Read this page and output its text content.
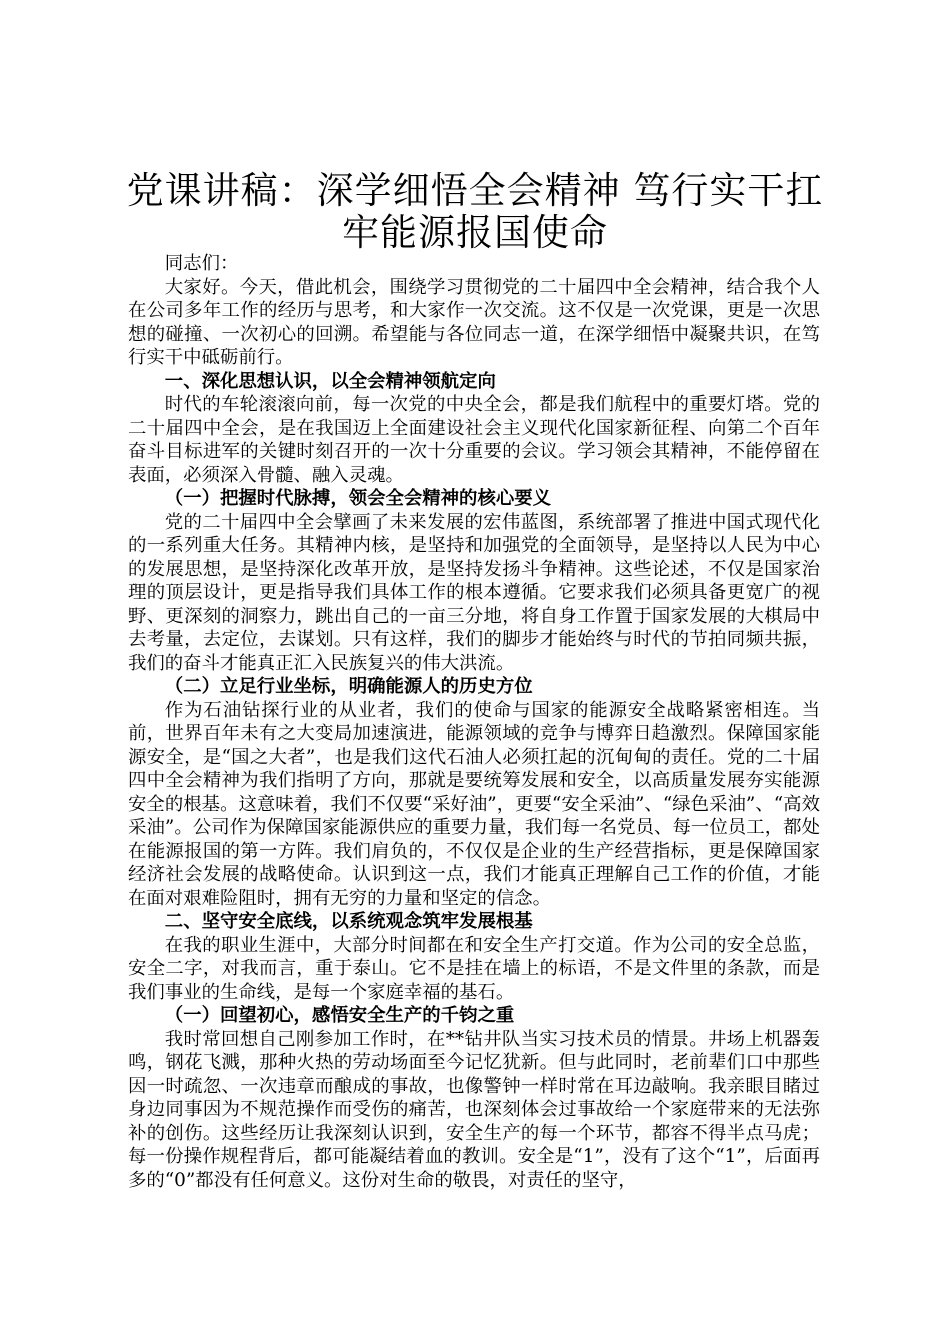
党课讲稿：深学细悟全会精神 笃行实干扛牢能源报国使命

同志们：

大家好。今天，借此机会，围绕学习贯彻党的二十届四中全会精神，结合我个人在公司多年工作的经历与思考，和大家作一次交流。这不仅是一次党课，更是一次思想的碰撞、一次初心的回溯。希望能与各位同志一道，在深学细悟中凝聚共识，在笃行实干中砥砺前行。

一、深化思想认识，以全会精神领航定向

时代的车轮滚滚向前，每一次党的中央全会，都是我们航程中的重要灯塔。党的二十届四中全会，是在我国迈上全面建设社会主义现代化国家新征程、向第二个百年奋斗目标进军的关键时刻召开的一次十分重要的会议。学习领会其精神，不能停留在表面，必须深入骨髓、融入灵魂。

（一）把握时代脉搏，领会全会精神的核心要义

党的二十届四中全会擘画了未来发展的宏伟蓝图，系统部署了推进中国式现代化的一系列重大任务。其精神内核，是坚持和加强党的全面领导，是坚持以人民为中心的发展思想，是坚持深化改革开放，是坚持发扬斗争精神。这些论述，不仅是国家治理的顶层设计，更是指导我们具体工作的根本遵循。它要求我们必须具备更宽广的视野、更深刻的洞察力，跳出自己的一亩三分地，将自身工作置于国家发展的大棋局中去考量，去定位，去谋划。只有这样，我们的脚步才能始终与时代的节拍同频共振，我们的奋斗才能真正汇入民族复兴的伟大洪流。

（二）立足行业坐标，明确能源人的历史方位

作为石油钻探行业的从业者，我们的使命与国家的能源安全战略紧密相连。当前，世界百年未有之大变局加速演进，能源领域的竞争与博弈日趋激烈。保障国家能源安全，是“国之大者”，也是我们这代石油人必须扛起的沉甸甸的责任。党的二十届四中全会精神为我们指明了方向，那就是要统筹发展和安全，以高质量发展夯实能源安全的根基。这意味着，我们不仅要“采好油”，更要“安全采油”、“绿色采油”、“高效采油”。公司作为保障国家能源供应的重要力量，我们每一名党员、每一位员工，都处在能源报国的第一方阵。我们肩负的，不仅仅是企业的生产经营指标，更是保障国家经济社会发展的战略使命。认识到这一点，我们才能真正理解自己工作的价值，才能在面对艰难险阻时，拥有无穷的力量和坚定的信念。

二、坚守安全底线，以系统观念筑牢发展根基

在我的职业生涯中，大部分时间都在和安全生产打交道。作为公司的安全总监，安全二字，对我而言，重于泰山。它不是挂在墙上的标语，不是文件里的条款，而是我们事业的生命线，是每一个家庭幸福的基石。

（一）回望初心，感悟安全生产的千钧之重

我时常回想自己刚参加工作时，在**钻井队当实习技术员的情景。井场上机器轰鸣，钢花飞溅，那种火热的劳动场面至今记忆犹新。但与此同时，老前辈们口中那些因一时疏忽、一次违章而酿成的事故，也像警钟一样时常在耳边敲响。我亲眼目睹过身边同事因为不规范操作而受伤的痛苦，也深刻体会过事故给一个家庭带来的无法弥补的创伤。这些经历让我深刻认识到，安全生产的每一个环节，都容不得半点马虎；每一份操作规程背后，都可能凝结着血的教训。安全是“1”，没有了这个“1”，后面再多的“0”都没有任何意义。这份对生命的敬畏，对责任的坚守，
